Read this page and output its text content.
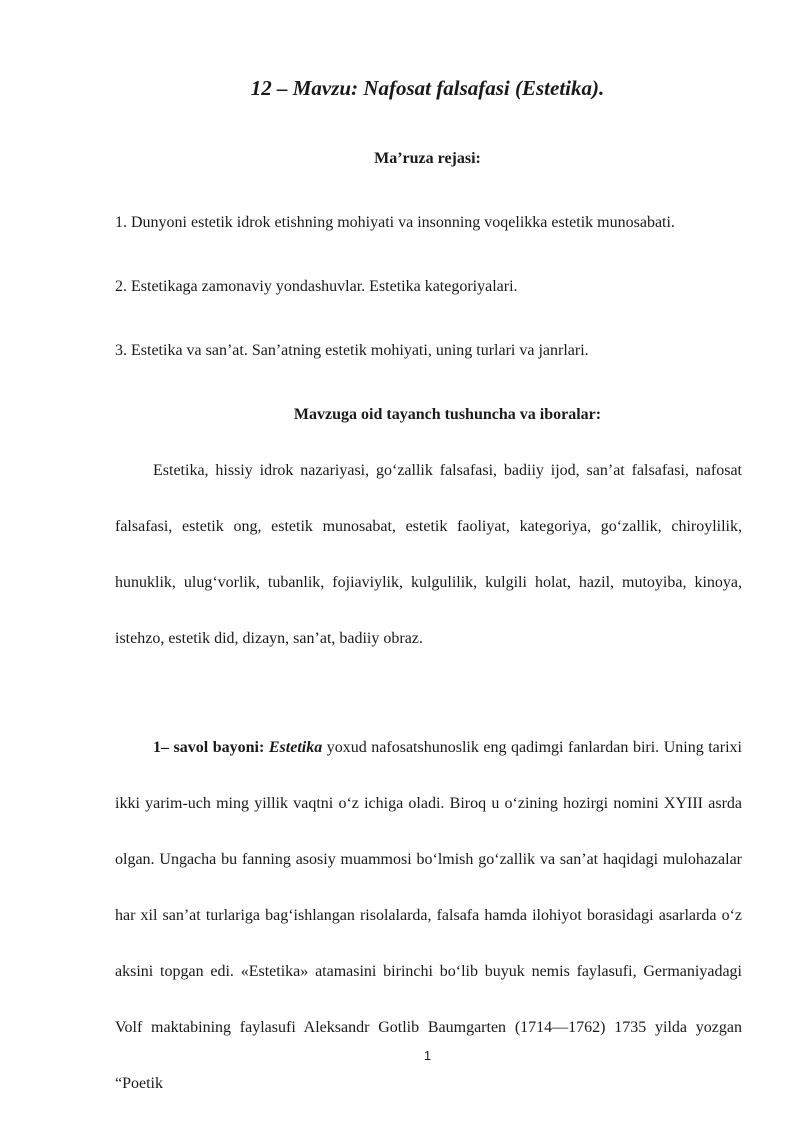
12 – Mavzu: Nafosat falsafasi (Estetika).

Ma’ruza rejasi:

1. Dunyoni estetik idrok etishning mohiyati va insonning voqelikka estetik munosabati.

2. Estetikaga zamonaviy yondashuvlar. Estetika kategoriyalari.

3. Estetika va san’at. San’atning estetik mohiyati, uning turlari va janrlari.

Mavzuga oid tayanch tushuncha va iboralar:

Estetika, hissiy idrok nazariyasi, go‘zallik falsafasi, badiiy ijod, san’at falsafasi, nafosat falsafasi, estetik ong, estetik munosabat, estetik faoliyat, kategoriya, go‘zallik, chiroylilik, hunuklik, ulug‘vorlik, tubanlik, fojiaviylik, kulgulilik, kulgili holat, hazil, mutoyiba, kinoya, istehzo, estetik did, dizayn, san’at, badiiy obraz.

1– savol bayoni: Estetika yoxud nafosatshunoslik eng qadimgi fanlardan biri. Uning tarixi ikki yarim-uch ming yillik vaqtni o‘z ichiga oladi. Biroq u o‘zining hozirgi nomini XYIII asrda olgan. Ungacha bu fanning asosiy muammosi bo‘lmish go‘zallik va san’at haqidagi mulohazalar har xil san’at turlariga bag‘ishlangan risolalarda, falsafa hamda ilohiyot borasidagi asarlarda o‘z aksini topgan edi. «Estetika» atamasini birinchi bo‘lib buyuk nemis faylasufi, Germaniyadagi Volf maktabining faylasufi Aleksandr Gotlib Baumgarten (1714—1762) 1735 yilda yozgan “Poetik

1
